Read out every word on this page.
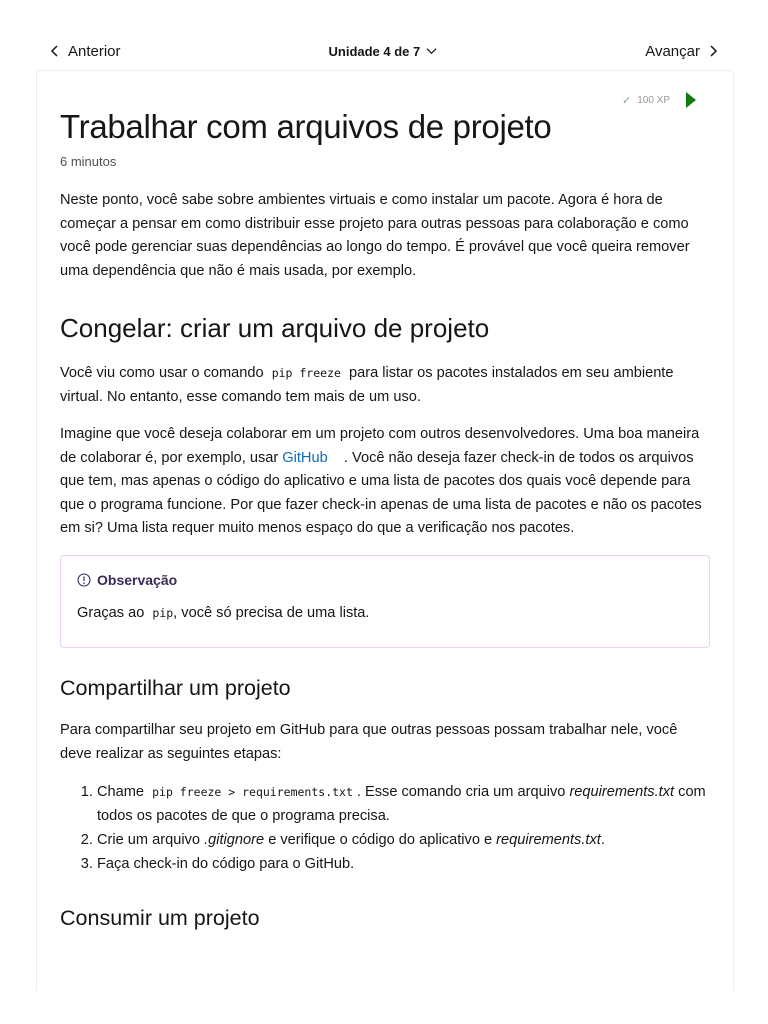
Anterior	Unidade 4 de 7	Avançar
✓ 100 XP
Trabalhar com arquivos de projeto
6 minutos

Neste ponto, você sabe sobre ambientes virtuais e como instalar um pacote. Agora é hora de começar a pensar em como distribuir esse projeto para outras pessoas para colaboração e como você pode gerenciar suas dependências ao longo do tempo. É provável que você queira remover uma dependência que não é mais usada, por exemplo.

Congelar: criar um arquivo de projeto

Você viu como usar o comando pip freeze para listar os pacotes instalados em seu ambiente virtual. No entanto, esse comando tem mais de um uso.

Imagine que você deseja colaborar em um projeto com outros desenvolvedores. Uma boa maneira de colaborar é, por exemplo, usar GitHub . Você não deseja fazer check-in de todos os arquivos que tem, mas apenas o código do aplicativo e uma lista de pacotes dos quais você depende para que o programa funcione. Por que fazer check-in apenas de uma lista de pacotes e não os pacotes em si? Uma lista requer muito menos espaço do que a verificação nos pacotes.

Observação

Graças ao pip, você só precisa de uma lista.

Compartilhar um projeto

Para compartilhar seu projeto em GitHub para que outras pessoas possam trabalhar nele, você deve realizar as seguintes etapas:

1. Chame pip freeze > requirements.txt . Esse comando cria um arquivo requirements.txt com todos os pacotes de que o programa precisa.
2. Crie um arquivo .gitignore e verifique o código do aplicativo e requirements.txt.
3. Faça check-in do código para o GitHub.
Consumir um projeto
